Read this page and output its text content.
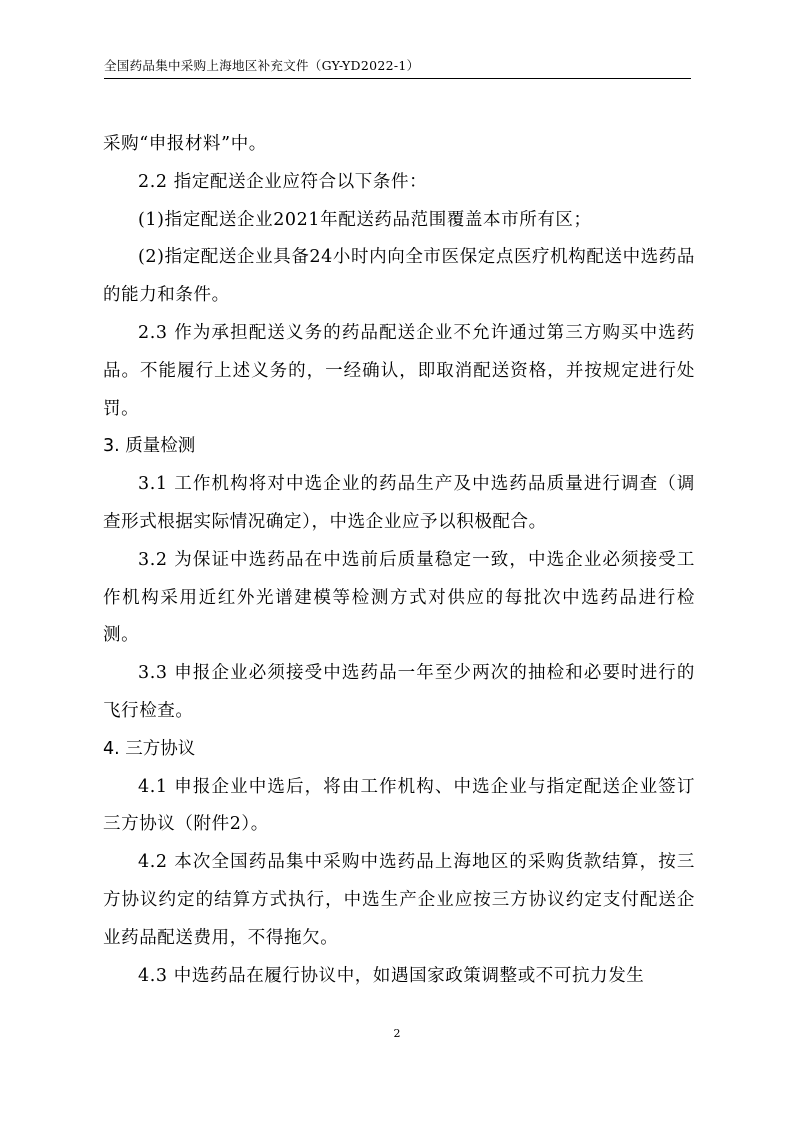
全国药品集中采购上海地区补充文件（GY-YD2022-1）

采购“申报材料”中。

2.2 指定配送企业应符合以下条件：

(1)指定配送企业2021年配送药品范围覆盖本市所有区；

(2)指定配送企业具备24小时内向全市医保定点医疗机构配送中选药品的能力和条件。

2.3 作为承担配送义务的药品配送企业不允许通过第三方购买中选药品。不能履行上述义务的，一经确认，即取消配送资格，并按规定进行处罚。

3. 质量检测

3.1 工作机构将对中选企业的药品生产及中选药品质量进行调查（调查形式根据实际情况确定），中选企业应予以积极配合。

3.2 为保证中选药品在中选前后质量稳定一致，中选企业必须接受工作机构采用近红外光谱建模等检测方式对供应的每批次中选药品进行检测。

3.3 申报企业必须接受中选药品一年至少两次的抽检和必要时进行的飞行检查。

4. 三方协议

4.1 申报企业中选后，将由工作机构、中选企业与指定配送企业签订三方协议（附件2）。

4.2 本次全国药品集中采购中选药品上海地区的采购货款结算，按三方协议约定的结算方式执行，中选生产企业应按三方协议约定支付配送企业药品配送费用，不得拖欠。

4.3 中选药品在履行协议中，如遇国家政策调整或不可抗力发生

2
